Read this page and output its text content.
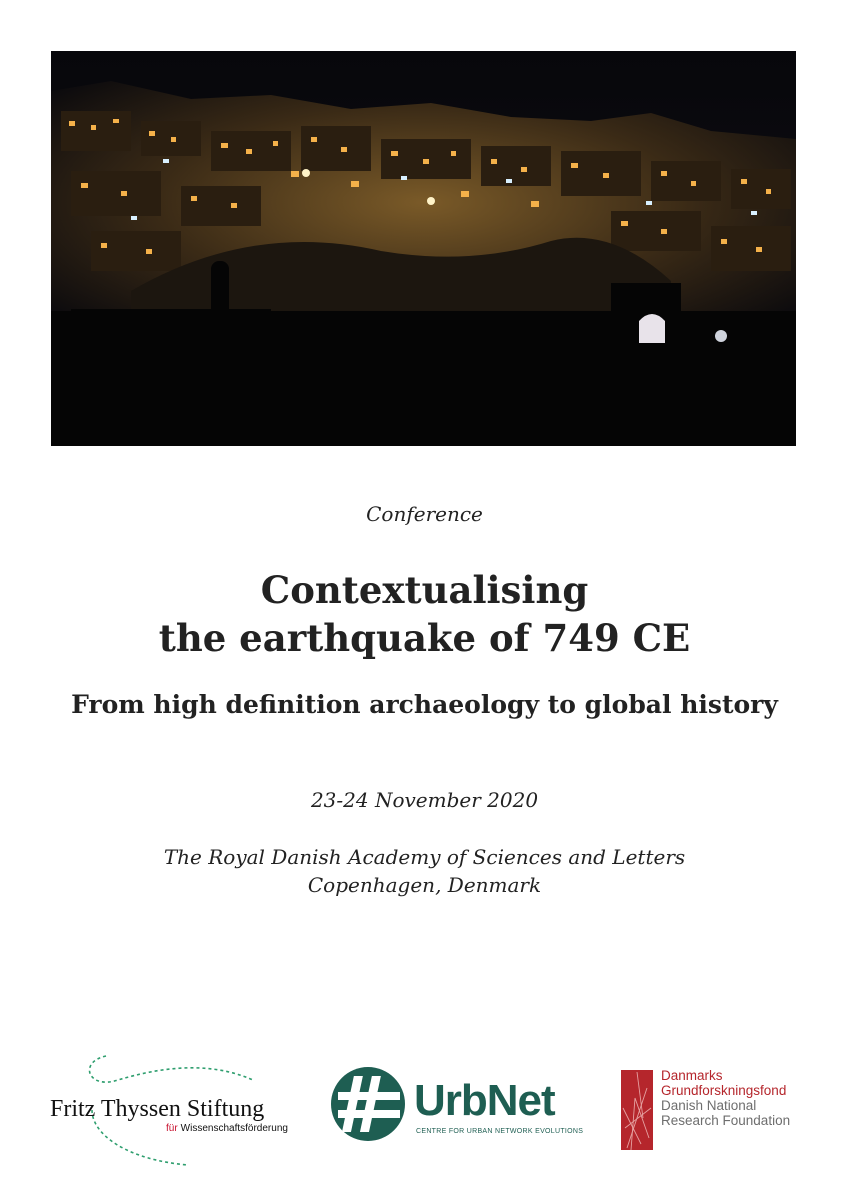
Conference
Contextualising
the earthquake of 749 CE
From high definition archaeology to global history
23-24 November 2020
The Royal Danish Academy of Sciences and Letters
Copenhagen, Denmark
Fritz Thyssen Stiftung
für Wissenschaftsförderung
UrbNet
CENTRE FOR URBAN NETWORK EVOLUTIONS
Danmarks
Grundforskningsfond
Danish National
Research Foundation
